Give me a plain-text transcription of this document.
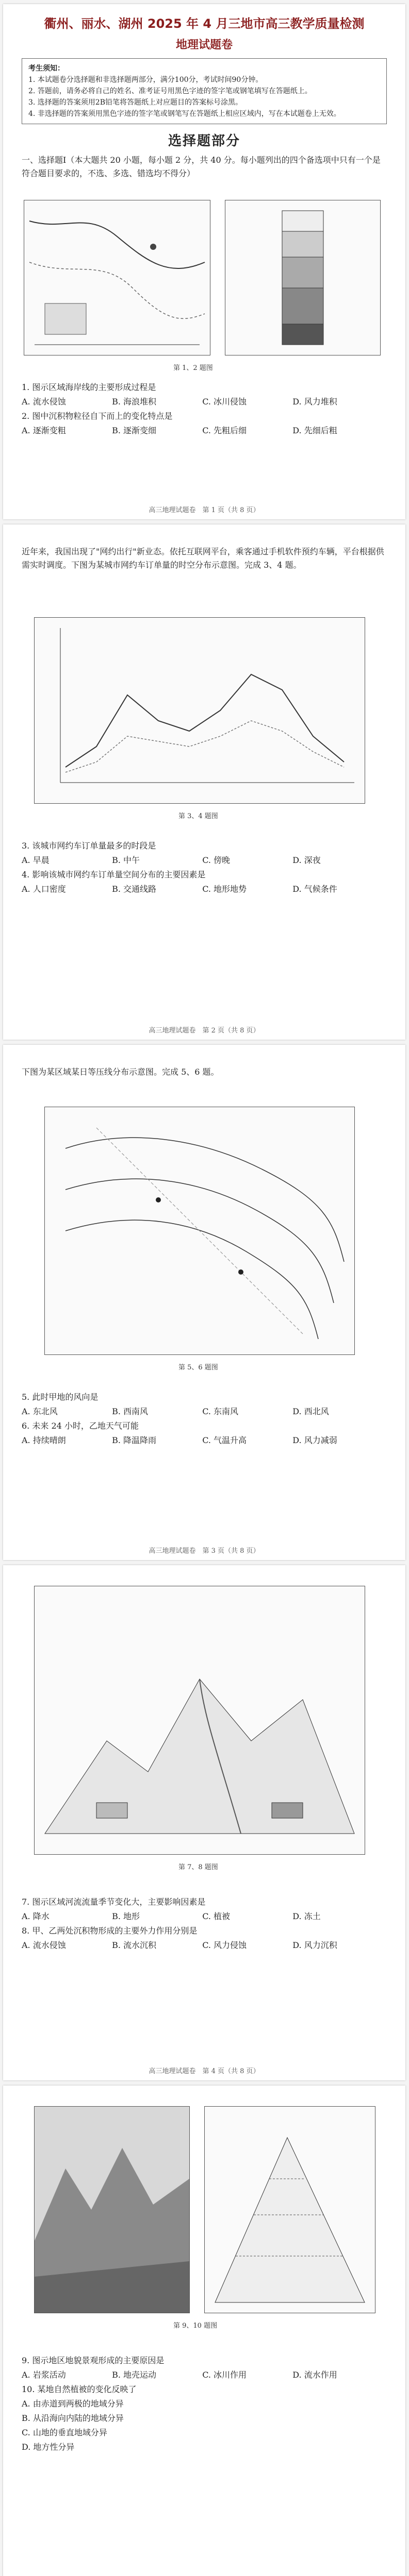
衢州、丽水、湖州 2025 年 4 月三地市高三教学质量检测
地理试题卷
考生须知：
1. 本试题卷分选择题和非选择题两部分，满分100分，考试时间90分钟。
2. 答题前，请务必将自己的姓名、准考证号用黑色字迹的签字笔或钢笔填写在答题纸上。
3. 选择题的答案须用2B铅笔将答题纸上对应题目的答案标号涂黑。
4. 非选择题的答案须用黑色字迹的签字笔或钢笔写在答题纸上相应区域内，写在本试题卷上无效。
选择题部分
一、选择题Ⅰ（本大题共 20 小题，每小题 2 分，共 40 分。每小题列出的四个备选项中只有一个是符合题目要求的，不选、多选、错选均不得分）
第 1、2 题图
1. 图示区域海岸线的主要形成过程是
A. 流水侵蚀	B. 海浪堆积	C. 冰川侵蚀	D. 风力堆积
2. 图中沉积物粒径自下而上的变化特点是
A. 逐渐变粗	B. 逐渐变细	C. 先粗后细	D. 先细后粗
高三地理试题卷　第 1 页（共 8 页）
近年来，我国出现了"网约出行"新业态。依托互联网平台，乘客通过手机软件预约车辆，平台根据供需实时调度。下图为某城市网约车订单量的时空分布示意图。完成 3、4 题。
第 3、4 题图
3. 该城市网约车订单量最多的时段是
A. 早晨	B. 中午	C. 傍晚	D. 深夜
4. 影响该城市网约车订单量空间分布的主要因素是
A. 人口密度	B. 交通线路	C. 地形地势	D. 气候条件
高三地理试题卷　第 2 页（共 8 页）
下图为某区域某日等压线分布示意图。完成 5、6 题。
第 5、6 题图
5. 此时甲地的风向是
A. 东北风	B. 西南风	C. 东南风	D. 西北风
6. 未来 24 小时，乙地天气可能
A. 持续晴朗	B. 降温降雨	C. 气温升高	D. 风力减弱
高三地理试题卷　第 3 页（共 8 页）
第 7、8 题图
7. 图示区域河流流量季节变化大，主要影响因素是
A. 降水	B. 地形	C. 植被	D. 冻土
8. 甲、乙两处沉积物形成的主要外力作用分别是
A. 流水侵蚀	B. 流水沉积	C. 风力侵蚀	D. 风力沉积
高三地理试题卷　第 4 页（共 8 页）
第 9、10 题图
9. 图示地区地貌景观形成的主要原因是
A. 岩浆活动	B. 地壳运动	C. 冰川作用	D. 流水作用
10. 某地自然植被的变化反映了
A. 由赤道到两极的地域分异
B. 从沿海向内陆的地域分异
C. 山地的垂直地域分异
D. 地方性分异
